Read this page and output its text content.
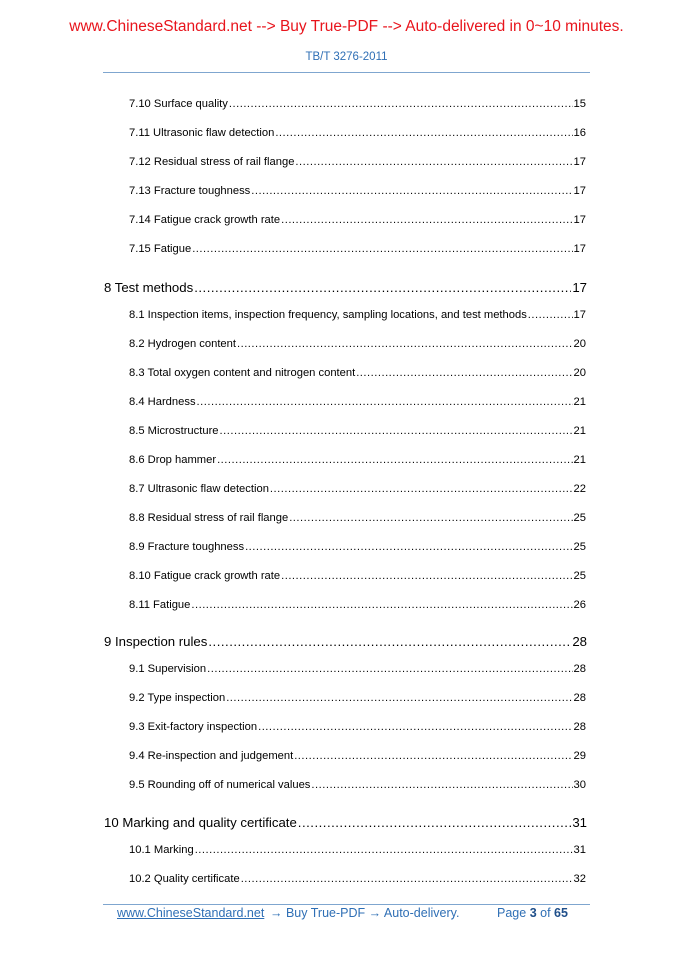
www.ChineseStandard.net --> Buy True-PDF --> Auto-delivered in 0~10 minutes.
TB/T 3276-2011
7.10 Surface quality .....	15
7.11 Ultrasonic flaw detection .....	16
7.12 Residual stress of rail flange .....	17
7.13 Fracture toughness .....	17
7.14 Fatigue crack growth rate .....	17
7.15 Fatigue .....	17
8 Test methods .....	17
8.1 Inspection items, inspection frequency, sampling locations, and test methods .....	17
8.2 Hydrogen content .....	20
8.3 Total oxygen content and nitrogen content .....	20
8.4 Hardness .....	21
8.5 Microstructure .....	21
8.6 Drop hammer .....	21
8.7 Ultrasonic flaw detection .....	22
8.8 Residual stress of rail flange .....	25
8.9 Fracture toughness .....	25
8.10 Fatigue crack growth rate .....	25
8.11 Fatigue .....	26
9 Inspection rules .....	28
9.1 Supervision .....	28
9.2 Type inspection .....	28
9.3 Exit-factory inspection .....	28
9.4 Re-inspection and judgement .....	29
9.5 Rounding off of numerical values .....	30
10 Marking and quality certificate .....	31
10.1 Marking .....	31
10.2 Quality certificate .....	32
www.ChineseStandard.net → Buy True-PDF → Auto-delivery.	Page 3 of 65
